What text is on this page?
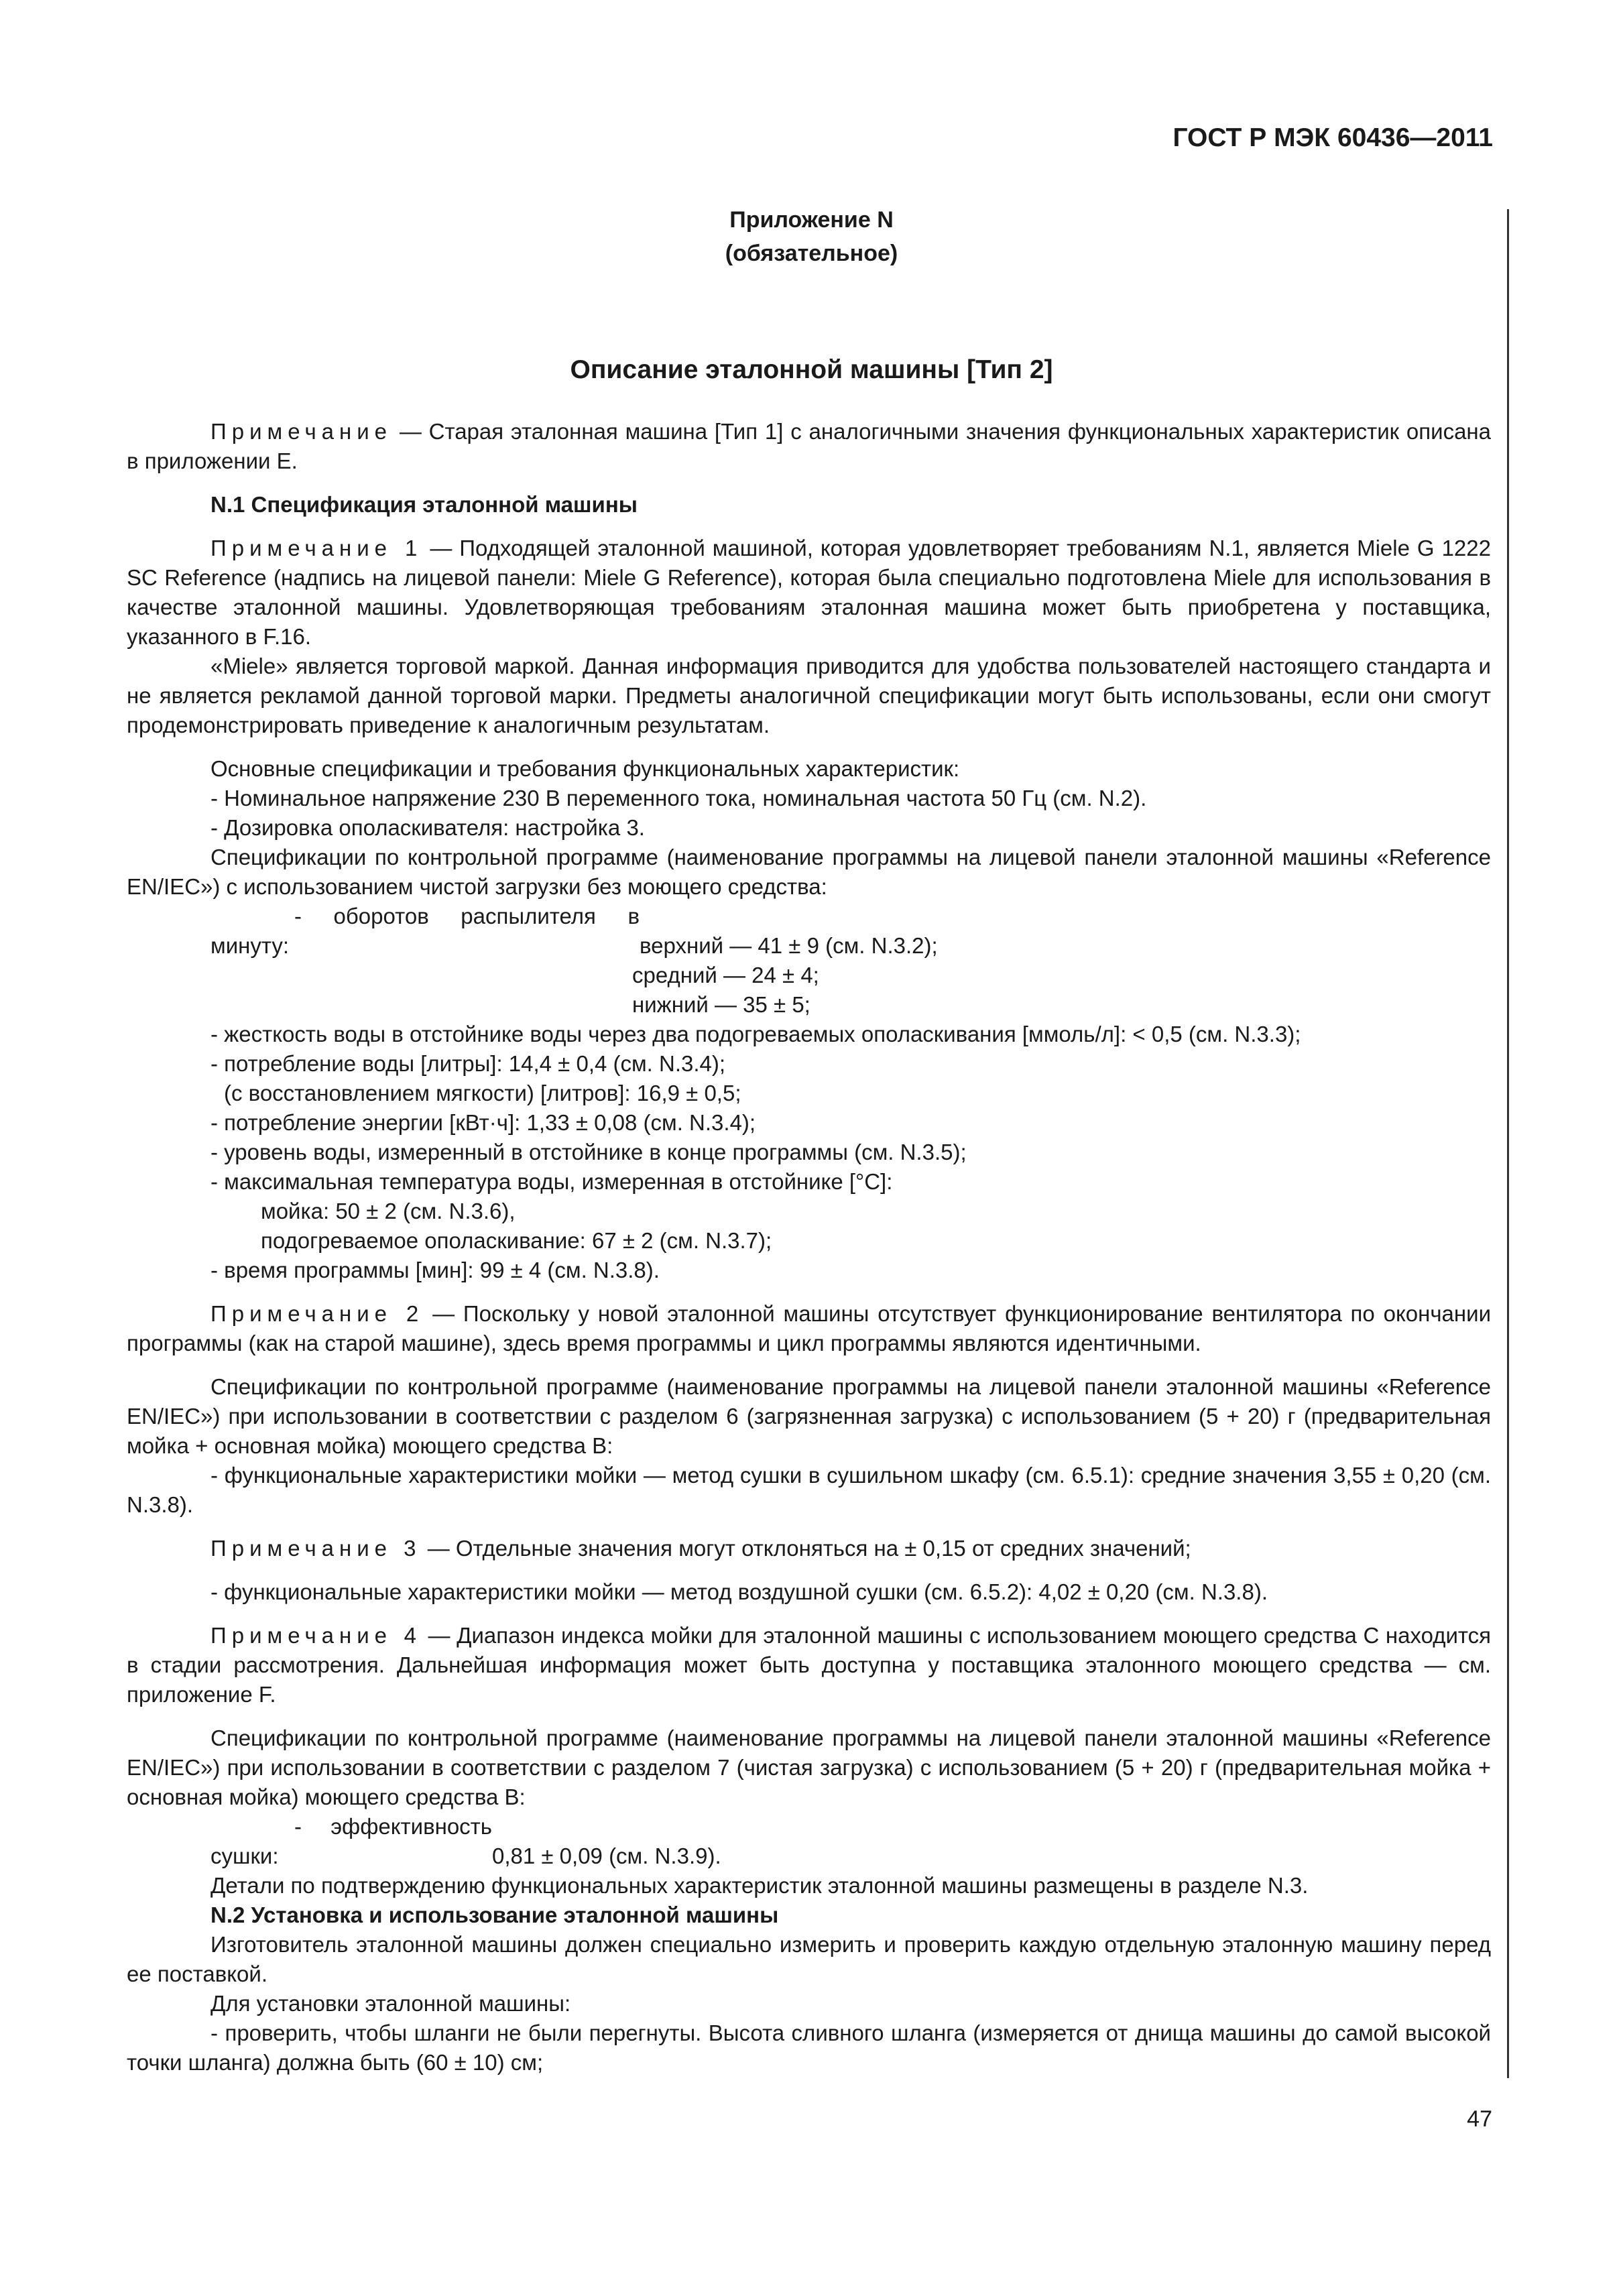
ГОСТ Р МЭК 60436—2011
Приложение N
(обязательное)
Описание эталонной машины [Тип 2]

Примечание — Старая эталонная машина [Тип 1] с аналогичными значения функциональных характеристик описана в приложении Е.

N.1 Спецификация эталонной машины

Примечание 1 — Подходящей эталонной машиной, которая удовлетворяет требованиям N.1, является Miele G 1222 SC Reference (надпись на лицевой панели: Miele G Reference), которая была специально подготовлена Miele для использования в качестве эталонной машины. Удовлетворяющая требованиям эталонная машина может быть приобретена у поставщика, указанного в F.16.

«Miele» является торговой маркой. Данная информация приводится для удобства пользователей настоящего стандарта и не является рекламой данной торговой марки. Предметы аналогичной спецификации могут быть использованы, если они смогут продемонстрировать приведение к аналогичным результатам.

Основные спецификации и требования функциональных характеристик:

- Номинальное напряжение 230 В переменного тока, номинальная частота 50 Гц (см. N.2).

- Дозировка ополаскивателя: настройка 3.

Спецификации по контрольной программе (наименование программы на лицевой панели эталонной машины «Reference EN/IEC») с использованием чистой загрузки без моющего средства:

- оборотов распылителя в минуту:	верхний — 41 ± 9 (см. N.3.2);
средний — 24 ± 4;
нижний — 35 ± 5;

- жесткость воды в отстойнике воды через два подогреваемых ополаскивания [ммоль/л]: < 0,5 (см. N.3.3);

- потребление воды [литры]: 14,4 ± 0,4 (см. N.3.4);

(с восстановлением мягкости) [литров]: 16,9 ± 0,5;

- потребление энергии [кВт·ч]: 1,33 ± 0,08 (см. N.3.4);

- уровень воды, измеренный в отстойнике в конце программы (см. N.3.5);

- максимальная температура воды, измеренная в отстойнике [°C]:

мойка: 50 ± 2 (см. N.3.6),

подогреваемое ополаскивание: 67 ± 2 (см. N.3.7);

- время программы [мин]: 99 ± 4 (см. N.3.8).

Примечание 2 — Поскольку у новой эталонной машины отсутствует функционирование вентилятора по окончании программы (как на старой машине), здесь время программы и цикл программы являются идентичными.

Спецификации по контрольной программе (наименование программы на лицевой панели эталонной машины «Reference EN/IEC») при использовании в соответствии с разделом 6 (загрязненная загрузка) с использованием (5 + 20) г (предварительная мойка + основная мойка) моющего средства В:

- функциональные характеристики мойки — метод сушки в сушильном шкафу (см. 6.5.1): средние значения 3,55 ± 0,20 (см. N.3.8).

Примечание 3 — Отдельные значения могут отклоняться на ± 0,15 от средних значений;

- функциональные характеристики мойки — метод воздушной сушки (см. 6.5.2): 4,02 ± 0,20 (см. N.3.8).

Примечание 4 — Диапазон индекса мойки для эталонной машины с использованием моющего средства С находится в стадии рассмотрения. Дальнейшая информация может быть доступна у поставщика эталонного моющего средства — см. приложение F.

Спецификации по контрольной программе (наименование программы на лицевой панели эталонной машины «Reference EN/IEC») при использовании в соответствии с разделом 7 (чистая загрузка) с использованием (5 + 20) г (предварительная мойка + основная мойка) моющего средства В:

- эффективность сушки:	0,81 ± 0,09 (см. N.3.9).

Детали по подтверждению функциональных характеристик эталонной машины размещены в разделе N.3.

N.2 Установка и использование эталонной машины

Изготовитель эталонной машины должен специально измерить и проверить каждую отдельную эталонную машину перед ее поставкой.

Для установки эталонной машины:

- проверить, чтобы шланги не были перегнуты. Высота сливного шланга (измеряется от днища машины до самой высокой точки шланга) должна быть (60 ± 10) см;

47
